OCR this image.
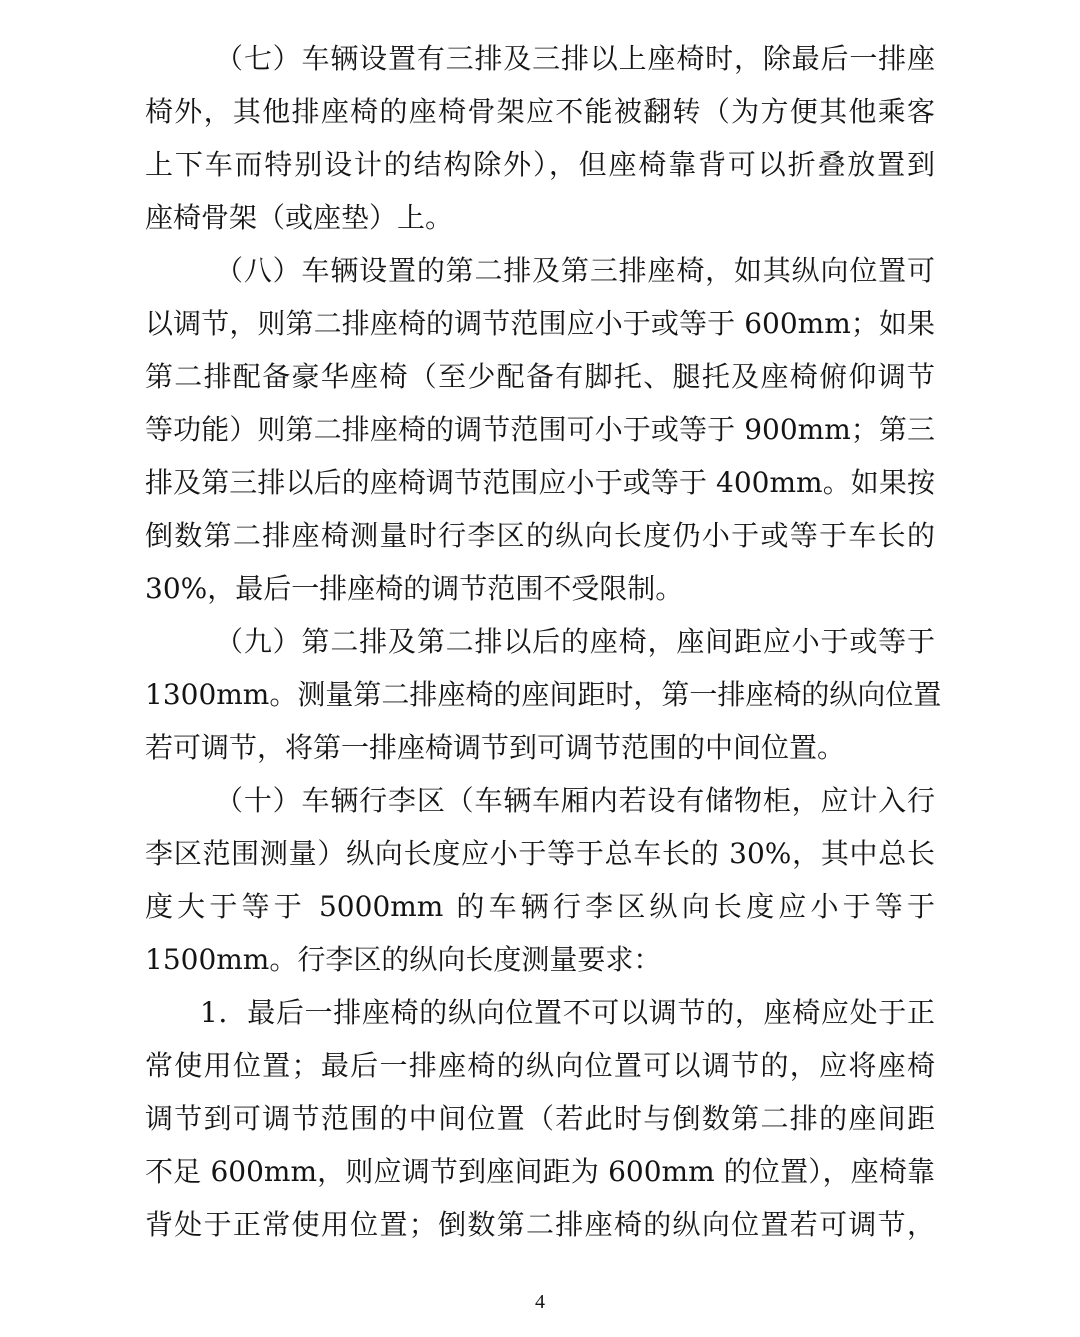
（七）车辆设置有三排及三排以上座椅时，除最后一排座
椅外，其他排座椅的座椅骨架应不能被翻转（为方便其他乘客
上下车而特别设计的结构除外），但座椅靠背可以折叠放置到
座椅骨架（或座垫）上。
（八）车辆设置的第二排及第三排座椅，如其纵向位置可
以调节，则第二排座椅的调节范围应小于或等于 600mm；如果
第二排配备豪华座椅（至少配备有脚托、腿托及座椅俯仰调节
等功能）则第二排座椅的调节范围可小于或等于 900mm；第三
排及第三排以后的座椅调节范围应小于或等于 400mm。如果按
倒数第二排座椅测量时行李区的纵向长度仍小于或等于车长的
30%，最后一排座椅的调节范围不受限制。
（九）第二排及第二排以后的座椅，座间距应小于或等于
1300mm。测量第二排座椅的座间距时，第一排座椅的纵向位置
若可调节，将第一排座椅调节到可调节范围的中间位置。
（十）车辆行李区（车辆车厢内若设有储物柜，应计入行
李区范围测量）纵向长度应小于等于总车长的 30%，其中总长
度大于等于 5000mm 的车辆行李区纵向长度应小于等于
1500mm。行李区的纵向长度测量要求：
1．最后一排座椅的纵向位置不可以调节的，座椅应处于正
常使用位置；最后一排座椅的纵向位置可以调节的，应将座椅
调节到可调节范围的中间位置（若此时与倒数第二排的座间距
不足 600mm，则应调节到座间距为 600mm 的位置），座椅靠
背处于正常使用位置；倒数第二排座椅的纵向位置若可调节，
4
